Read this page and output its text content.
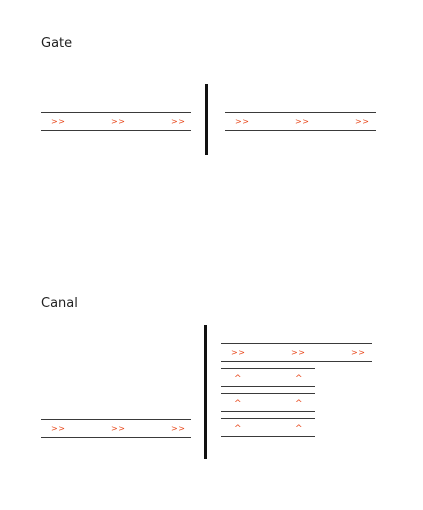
Gate
>>	>>	>>	>>	>>	>>
Canal
>>	>>	>>
>>	>>	>>
^	^
^	^
^	^
